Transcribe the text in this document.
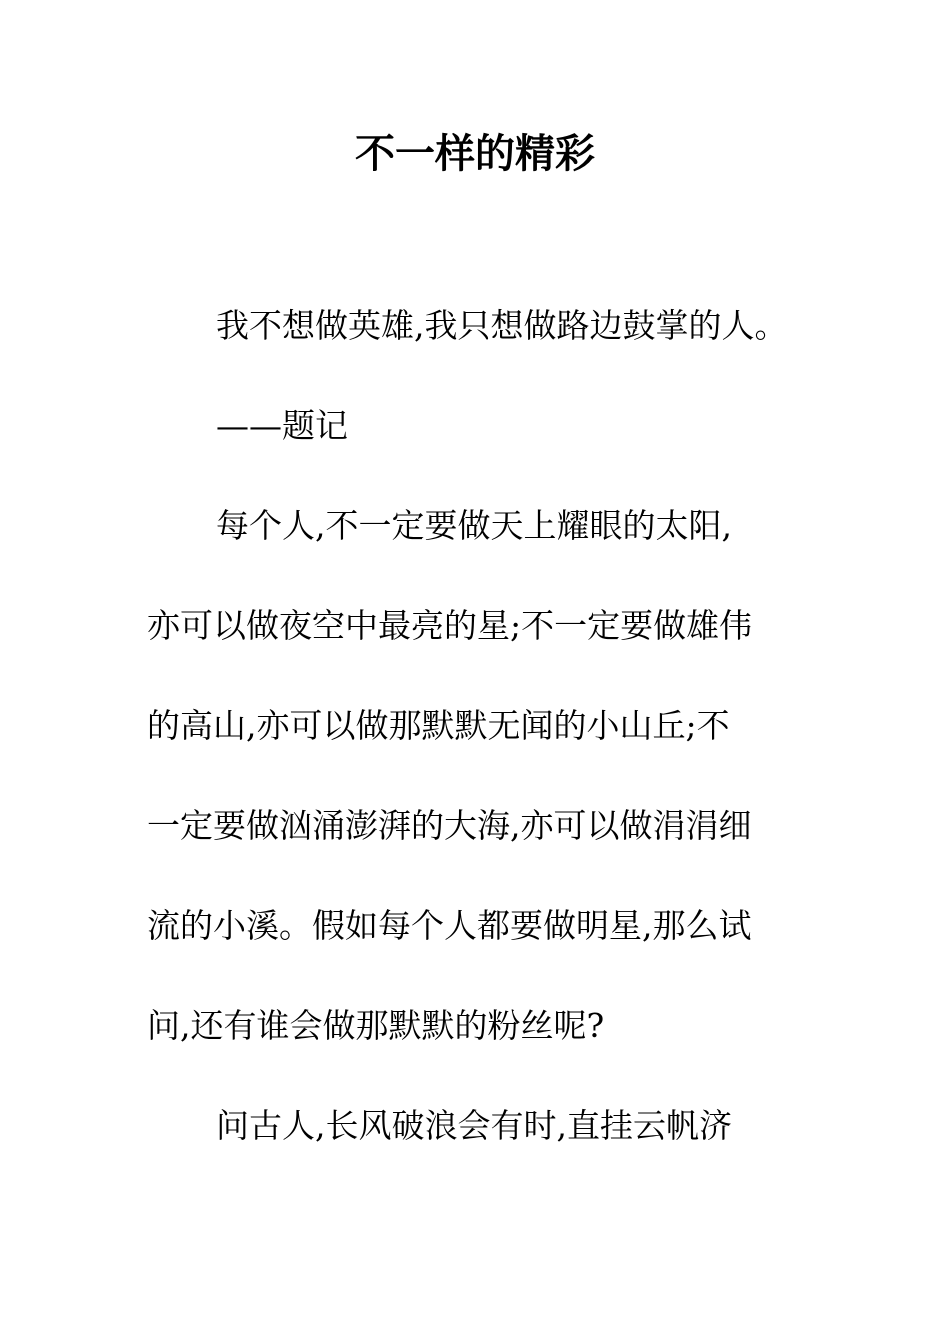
不一样的精彩
我不想做英雄,我只想做路边鼓掌的人。
——题记
每个人,不一定要做天上耀眼的太阳,
亦可以做夜空中最亮的星;不一定要做雄伟
的高山,亦可以做那默默无闻的小山丘;不
一定要做汹涌澎湃的大海,亦可以做涓涓细
流的小溪。假如每个人都要做明星,那么试
问,还有谁会做那默默的粉丝呢?
问古人,长风破浪会有时,直挂云帆济
